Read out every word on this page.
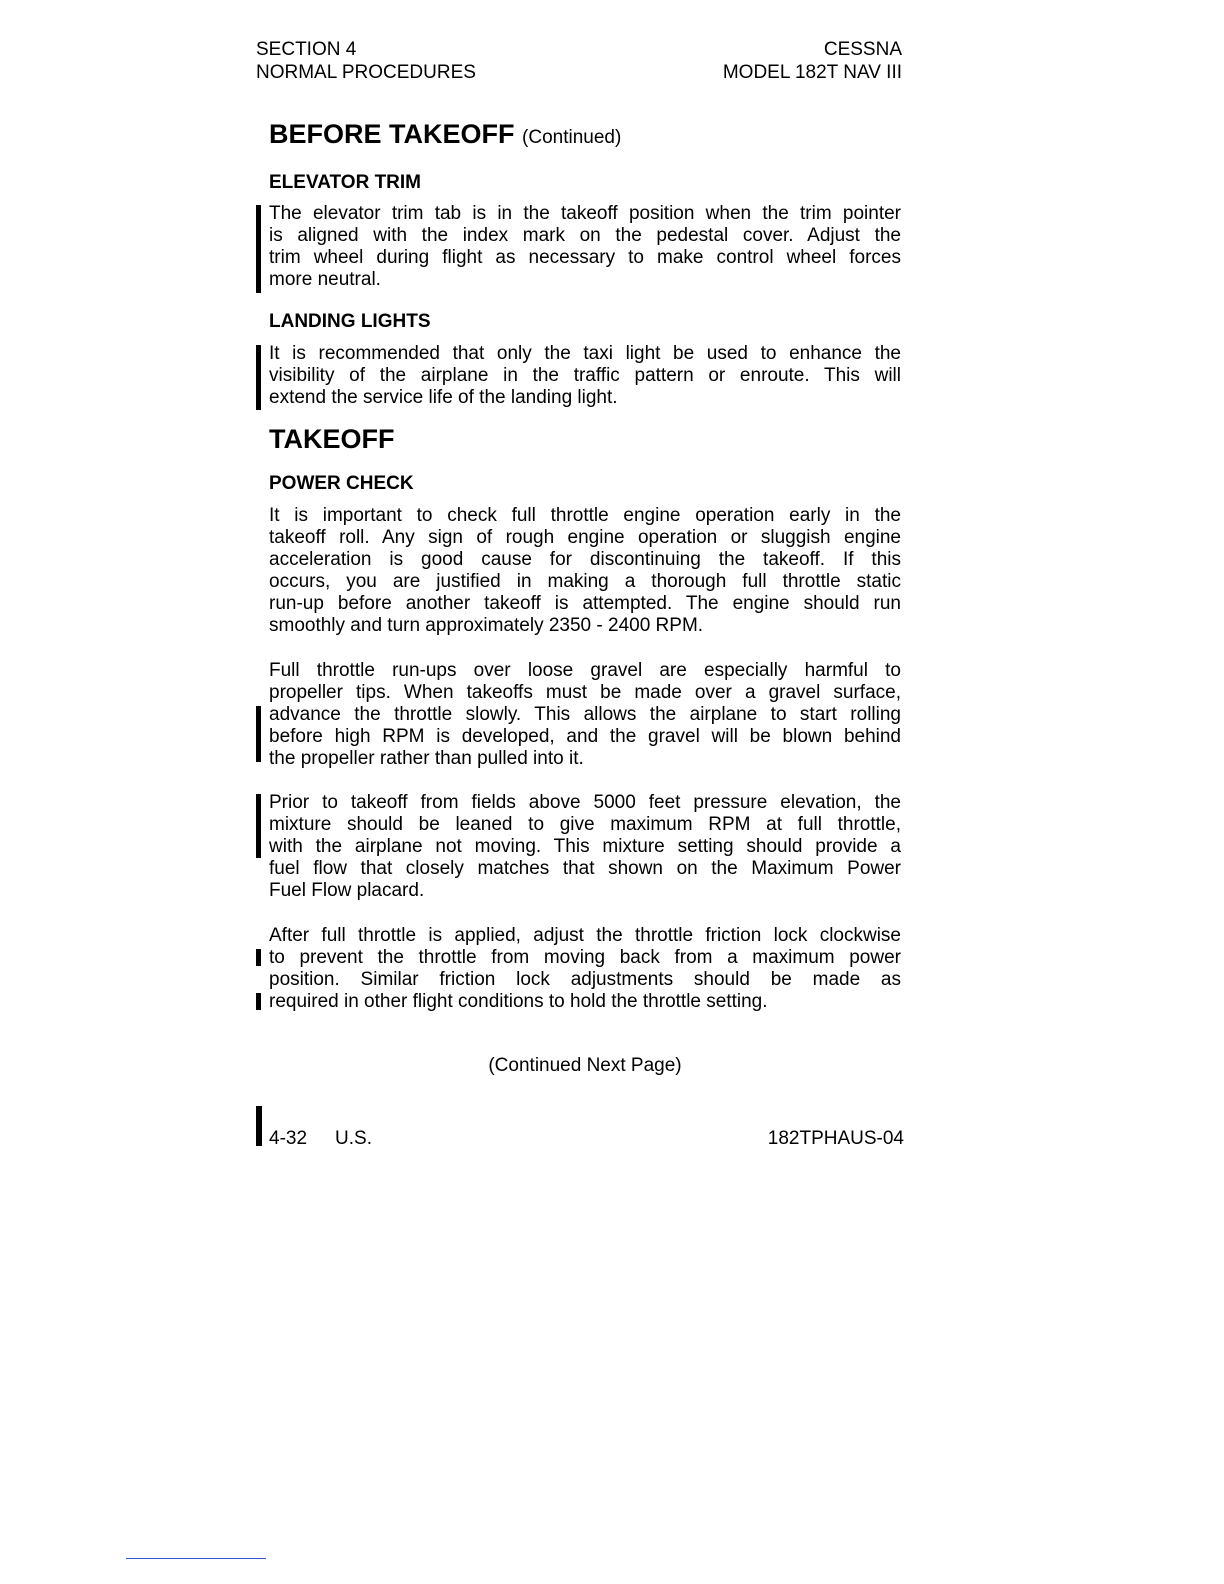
SECTION 4
NORMAL PROCEDURES
CESSNA
MODEL 182T NAV III
BEFORE TAKEOFF (Continued)
ELEVATOR TRIM
The elevator trim tab is in the takeoff position when the trim pointer
is aligned with the index mark on the pedestal cover. Adjust the
trim wheel during flight as necessary to make control wheel forces
more neutral.
LANDING LIGHTS
It is recommended that only the taxi light be used to enhance the
visibility of the airplane in the traffic pattern or enroute. This will
extend the service life of the landing light.
TAKEOFF
POWER CHECK
It is important to check full throttle engine operation early in the
takeoff roll. Any sign of rough engine operation or sluggish engine
acceleration is good cause for discontinuing the takeoff. If this
occurs, you are justified in making a thorough full throttle static
run-up before another takeoff is attempted. The engine should run
smoothly and turn approximately 2350 - 2400 RPM.
Full throttle run-ups over loose gravel are especially harmful to
propeller tips. When takeoffs must be made over a gravel surface,
advance the throttle slowly. This allows the airplane to start rolling
before high RPM is developed, and the gravel will be blown behind
the propeller rather than pulled into it.
Prior to takeoff from fields above 5000 feet pressure elevation, the
mixture should be leaned to give maximum RPM at full throttle,
with the airplane not moving. This mixture setting should provide a
fuel flow that closely matches that shown on the Maximum Power
Fuel Flow placard.
After full throttle is applied, adjust the throttle friction lock clockwise
to prevent the throttle from moving back from a maximum power
position. Similar friction lock adjustments should be made as
required in other flight conditions to hold the throttle setting.
(Continued Next Page)
4-32 U.S.	182TPHAUS-04
